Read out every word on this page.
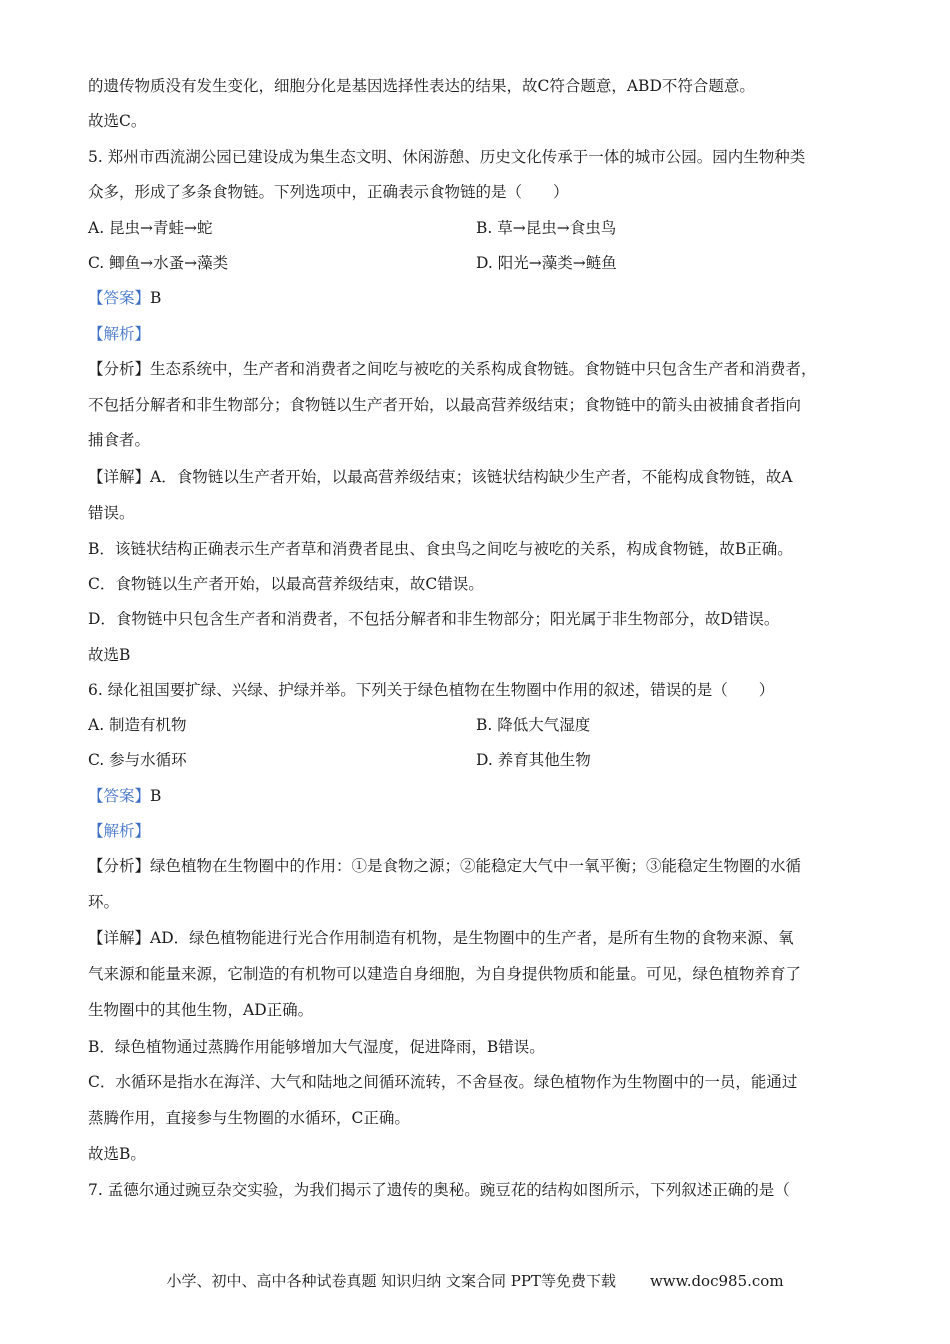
的遗传物质没有发生变化，细胞分化是基因选择性表达的结果，故C符合题意，ABD不符合题意。
故选C。
5. 郑州市西流湖公园已建设成为集生态文明、休闲游憩、历史文化传承于一体的城市公园。园内生物种类
众多，形成了多条食物链。下列选项中，正确表示食物链的是（　　）
A. 昆虫→青蛙→蛇	B. 草→昆虫→食虫鸟
C. 鲫鱼→水蚤→藻类	D. 阳光→藻类→鲢鱼
【答案】B
【解析】
【分析】生态系统中，生产者和消费者之间吃与被吃的关系构成食物链。食物链中只包含生产者和消费者，
不包括分解者和非生物部分；食物链以生产者开始，以最高营养级结束；食物链中的箭头由被捕食者指向
捕食者。
【详解】A．食物链以生产者开始，以最高营养级结束；该链状结构缺少生产者，不能构成食物链，故A
错误。
B．该链状结构正确表示生产者草和消费者昆虫、食虫鸟之间吃与被吃的关系，构成食物链，故B正确。
C．食物链以生产者开始，以最高营养级结束，故C错误。
D．食物链中只包含生产者和消费者，不包括分解者和非生物部分；阳光属于非生物部分，故D错误。
故选B
6. 绿化祖国要扩绿、兴绿、护绿并举。下列关于绿色植物在生物圈中作用的叙述，错误的是（　　）
A. 制造有机物	B. 降低大气湿度
C. 参与水循环	D. 养育其他生物
【答案】B
【解析】
【分析】绿色植物在生物圈中的作用：①是食物之源；②能稳定大气中一氧平衡；③能稳定生物圈的水循
环。
【详解】AD．绿色植物能进行光合作用制造有机物，是生物圈中的生产者，是所有生物的食物来源、氧
气来源和能量来源，它制造的有机物可以建造自身细胞，为自身提供物质和能量。可见，绿色植物养育了
生物圈中的其他生物，AD正确。
B．绿色植物通过蒸腾作用能够增加大气湿度，促进降雨，B错误。
C．水循环是指水在海洋、大气和陆地之间循环流转，不舍昼夜。绿色植物作为生物圈中的一员，能通过
蒸腾作用，直接参与生物圈的水循环，C正确。
故选B。
7. 孟德尔通过豌豆杂交实验，为我们揭示了遗传的奥秘。豌豆花的结构如图所示，下列叙述正确的是（
小学、初中、高中各种试卷真题 知识归纳 文案合同 PPT等免费下载 www.doc985.com
